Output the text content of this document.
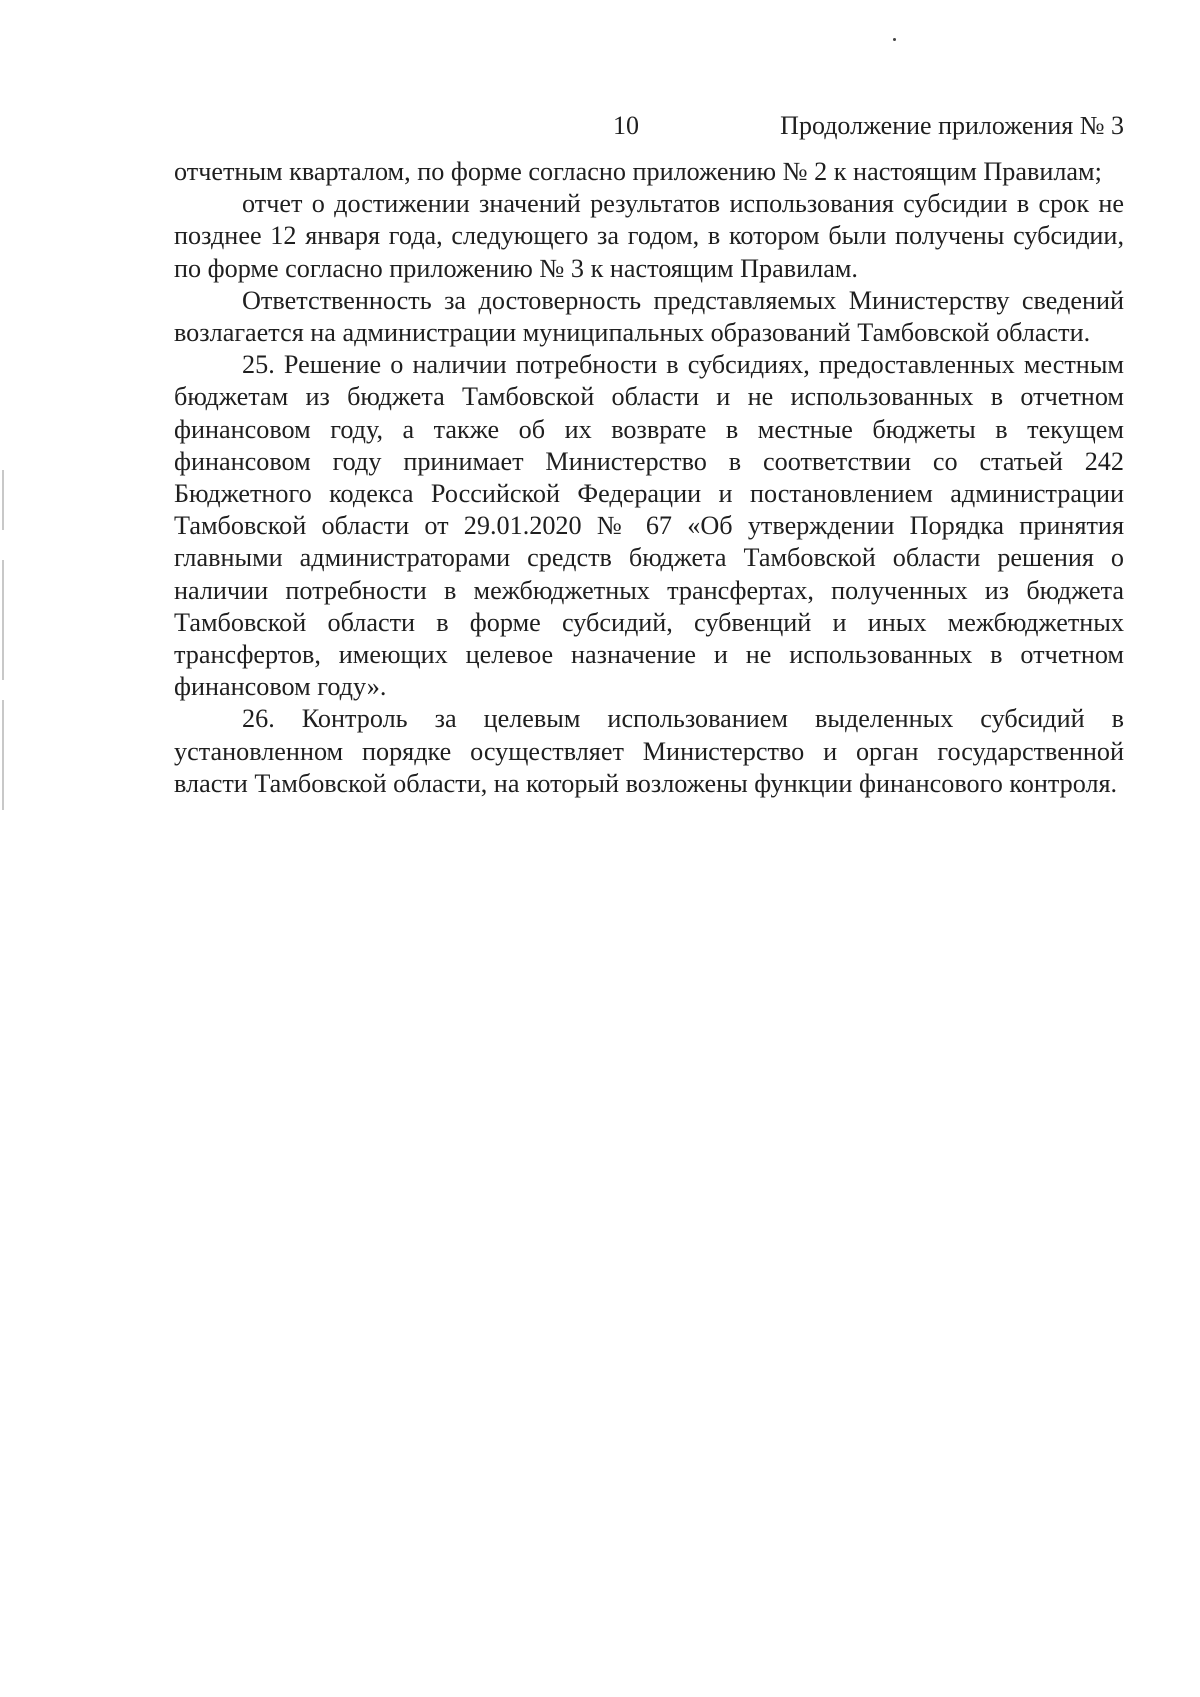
10	Продолжение приложения № 3

отчетным кварталом, по форме согласно приложению № 2 к настоящим Правилам;

отчет о достижении значений результатов использования субсидии в срок не позднее 12 января года, следующего за годом, в котором были получены субсидии, по форме согласно приложению № 3 к настоящим Правилам.

Ответственность за достоверность представляемых Министерству сведений возлагается на администрации муниципальных образований Тамбовской области.

25. Решение о наличии потребности в субсидиях, предоставленных местным бюджетам из бюджета Тамбовской области и не использованных в отчетном финансовом году, а также об их возврате в местные бюджеты в текущем финансовом году принимает Министерство в соответствии со статьей 242 Бюджетного кодекса Российской Федерации и постановлением администрации Тамбовской области от 29.01.2020 № 67 «Об утверждении Порядка принятия главными администраторами средств бюджета Тамбовской области решения о наличии потребности в межбюджетных трансфертах, полученных из бюджета Тамбовской области в форме субсидий, субвенций и иных межбюджетных трансфертов, имеющих целевое назначение и не использованных в отчетном финансовом году».

26. Контроль за целевым использованием выделенных субсидий в установленном порядке осуществляет Министерство и орган государственной власти Тамбовской области, на который возложены функции финансового контроля.
